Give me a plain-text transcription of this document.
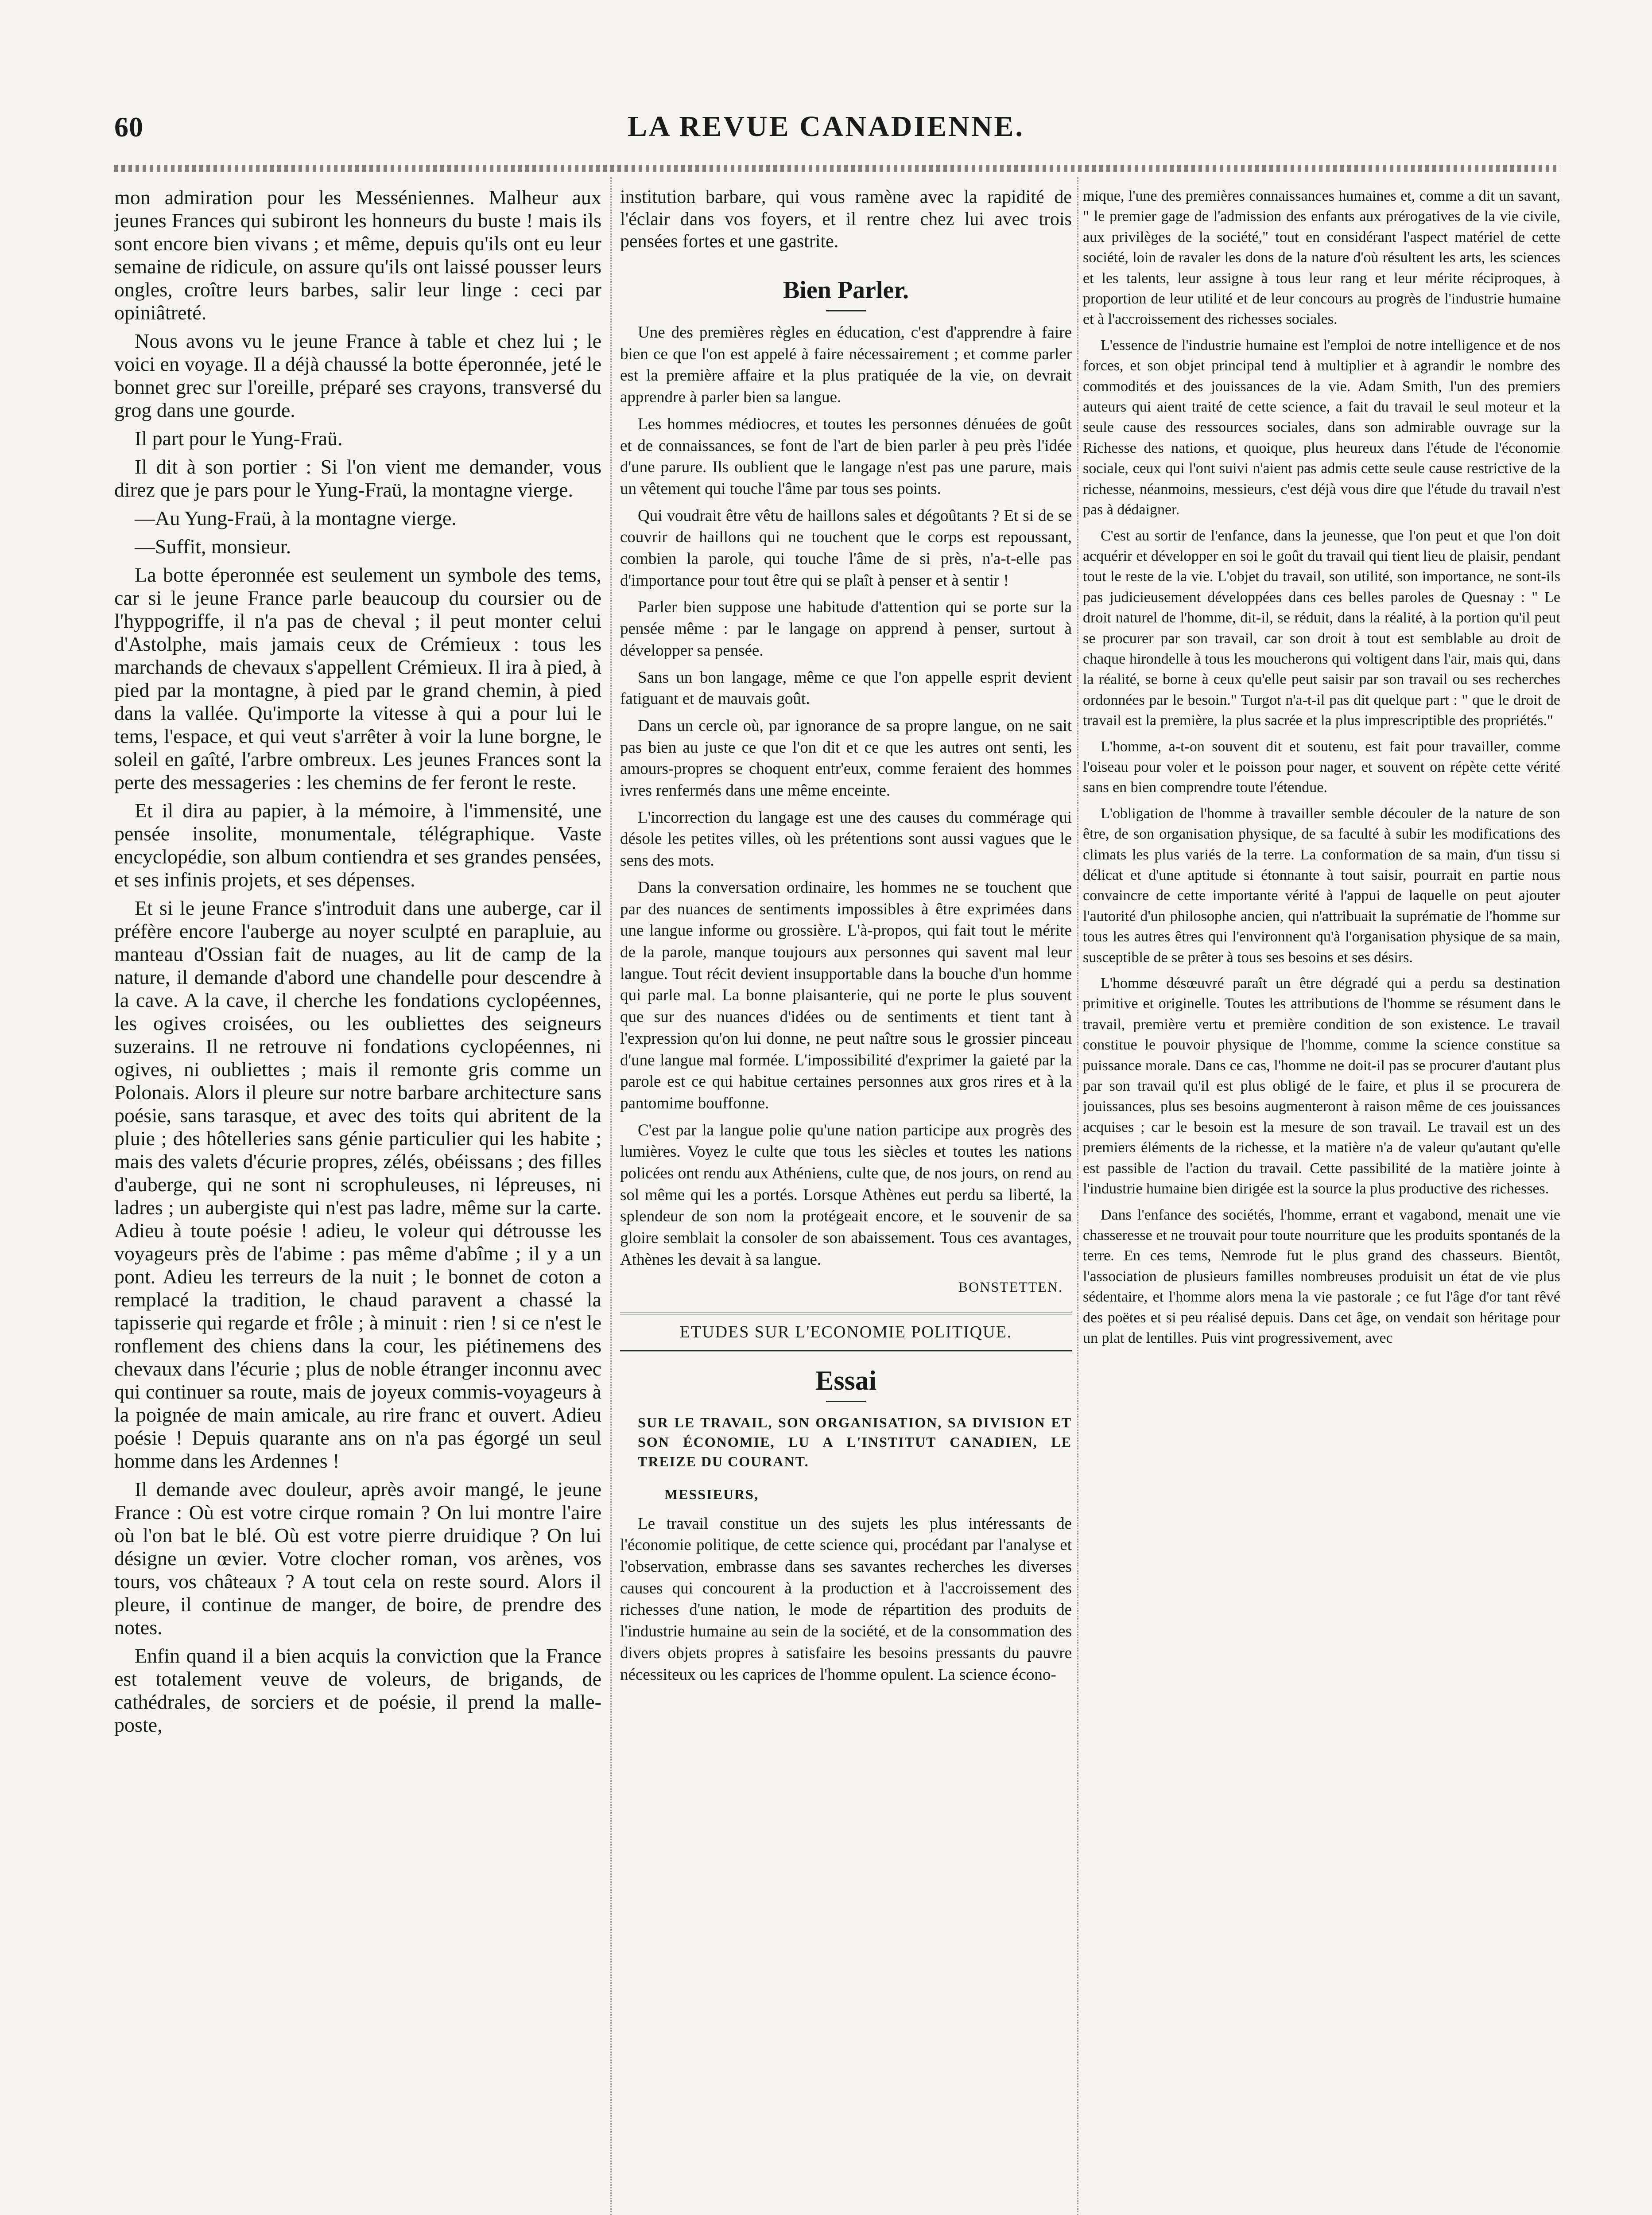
60	LA REVUE CANADIENNE.

mon admiration pour les Messéniennes. Malheur aux jeunes Frances qui subiront les honneurs du buste ! mais ils sont encore bien vivans ; et même, depuis qu'ils ont eu leur semaine de ridicule, on assure qu'ils ont laissé pousser leurs ongles, croître leurs barbes, salir leur linge : ceci par opiniâtreté.

Nous avons vu le jeune France à table et chez lui ; le voici en voyage. Il a déjà chaussé la botte éperonnée, jeté le bonnet grec sur l'oreille, préparé ses crayons, transversé du grog dans une gourde.

Il part pour le Yung-Fraü.

Il dit à son portier : Si l'on vient me demander, vous direz que je pars pour le Yung-Fraü, la montagne vierge.

—Au Yung-Fraü, à la montagne vierge.

—Suffit, monsieur.

La botte éperonnée est seulement un symbole des tems, car si le jeune France parle beaucoup du coursier ou de l'hyppogriffe, il n'a pas de cheval ; il peut monter celui d'Astolphe, mais jamais ceux de Crémieux : tous les marchands de chevaux s'appellent Crémieux. Il ira à pied, à pied par la montagne, à pied par le grand chemin, à pied dans la vallée. Qu'importe la vitesse à qui a pour lui le tems, l'espace, et qui veut s'arrêter à voir la lune borgne, le soleil en gaîté, l'arbre ombreux. Les jeunes Frances sont la perte des messageries : les chemins de fer feront le reste.

Et il dira au papier, à la mémoire, à l'immensité, une pensée insolite, monumentale, télégraphique. Vaste encyclopédie, son album contiendra et ses grandes pensées, et ses infinis projets, et ses dépenses.

Et si le jeune France s'introduit dans une auberge, car il préfère encore l'auberge au noyer sculpté en parapluie, au manteau d'Ossian fait de nuages, au lit de camp de la nature, il demande d'abord une chandelle pour descendre à la cave. A la cave, il cherche les fondations cyclopéennes, les ogives croisées, ou les oubliettes des seigneurs suzerains. Il ne retrouve ni fondations cyclopéennes, ni ogives, ni oubliettes ; mais il remonte gris comme un Polonais. Alors il pleure sur notre barbare architecture sans poésie, sans tarasque, et avec des toits qui abritent de la pluie ; des hôtelleries sans génie particulier qui les habite ; mais des valets d'écurie propres, zélés, obéissans ; des filles d'auberge, qui ne sont ni scrophuleuses, ni lépreuses, ni ladres ; un aubergiste qui n'est pas ladre, même sur la carte. Adieu à toute poésie ! adieu, le voleur qui détrousse les voyageurs près de l'abime : pas même d'abîme ; il y a un pont. Adieu les terreurs de la nuit ; le bonnet de coton a remplacé la tradition, le chaud paravent a chassé la tapisserie qui regarde et frôle ; à minuit : rien ! si ce n'est le ronflement des chiens dans la cour, les piétinemens des chevaux dans l'écurie ; plus de noble étranger inconnu avec qui continuer sa route, mais de joyeux commis-voyageurs à la poignée de main amicale, au rire franc et ouvert. Adieu poésie ! Depuis quarante ans on n'a pas égorgé un seul homme dans les Ardennes !

Il demande avec douleur, après avoir mangé, le jeune France : Où est votre cirque romain ? On lui montre l'aire où l'on bat le blé. Où est votre pierre druidique ? On lui désigne un œvier. Votre clocher roman, vos arènes, vos tours, vos châteaux ? A tout cela on reste sourd. Alors il pleure, il continue de manger, de boire, de prendre des notes.

Enfin quand il a bien acquis la conviction que la France est totalement veuve de voleurs, de brigands, de cathédrales, de sorciers et de poésie, il prend la malle-poste,

institution barbare, qui vous ramène avec la rapidité de l'éclair dans vos foyers, et il rentre chez lui avec trois pensées fortes et une gastrite.

Bien Parler.

Une des premières règles en éducation, c'est d'apprendre à faire bien ce que l'on est appelé à faire nécessairement ; et comme parler est la première affaire et la plus pratiquée de la vie, on devrait apprendre à parler bien sa langue.

Les hommes médiocres, et toutes les personnes dénuées de goût et de connaissances, se font de l'art de bien parler à peu près l'idée d'une parure. Ils oublient que le langage n'est pas une parure, mais un vêtement qui touche l'âme par tous ses points.

Qui voudrait être vêtu de haillons sales et dégoûtants ? Et si de se couvrir de haillons qui ne touchent que le corps est repoussant, combien la parole, qui touche l'âme de si près, n'a-t-elle pas d'importance pour tout être qui se plaît à penser et à sentir !

Parler bien suppose une habitude d'attention qui se porte sur la pensée même : par le langage on apprend à penser, surtout à développer sa pensée.

Sans un bon langage, même ce que l'on appelle esprit devient fatiguant et de mauvais goût.

Dans un cercle où, par ignorance de sa propre langue, on ne sait pas bien au juste ce que l'on dit et ce que les autres ont senti, les amours-propres se choquent entr'eux, comme feraient des hommes ivres renfermés dans une même enceinte.

L'incorrection du langage est une des causes du commérage qui désole les petites villes, où les prétentions sont aussi vagues que le sens des mots.

Dans la conversation ordinaire, les hommes ne se touchent que par des nuances de sentiments impossibles à être exprimées dans une langue informe ou grossière. L'à-propos, qui fait tout le mérite de la parole, manque toujours aux personnes qui savent mal leur langue. Tout récit devient insupportable dans la bouche d'un homme qui parle mal. La bonne plaisanterie, qui ne porte le plus souvent que sur des nuances d'idées ou de sentiments et tient tant à l'expression qu'on lui donne, ne peut naître sous le grossier pinceau d'une langue mal formée. L'impossibilité d'exprimer la gaieté par la parole est ce qui habitue certaines personnes aux gros rires et à la pantomime bouffonne.

C'est par la langue polie qu'une nation participe aux progrès des lumières. Voyez le culte que tous les siècles et toutes les nations policées ont rendu aux Athéniens, culte que, de nos jours, on rend au sol même qui les a portés. Lorsque Athènes eut perdu sa liberté, la splendeur de son nom la protégeait encore, et le souvenir de sa gloire semblait la consoler de son abaissement. Tous ces avantages, Athènes les devait à sa langue.

BONSTETTEN.
ETUDES SUR L'ECONOMIE POLITIQUE.
Essai
SUR LE TRAVAIL, SON ORGANISATION, SA DIVISION ET SON ÉCONOMIE, LU A L'INSTITUT CANADIEN, LE TREIZE DU COURANT.
MESSIEURS,

Le travail constitue un des sujets les plus intéressants de l'économie politique, de cette science qui, procédant par l'analyse et l'observation, embrasse dans ses savantes recherches les diverses causes qui concourent à la production et à l'accroissement des richesses d'une nation, le mode de répartition des produits de l'industrie humaine au sein de la société, et de la consommation des divers objets propres à satisfaire les besoins pressants du pauvre nécessiteux ou les caprices de l'homme opulent. La science écono-

mique, l'une des premières connaissances humaines et, comme a dit un savant, " le premier gage de l'admission des enfants aux prérogatives de la vie civile, aux privilèges de la société," tout en considérant l'aspect matériel de cette société, loin de ravaler les dons de la nature d'où résultent les arts, les sciences et les talents, leur assigne à tous leur rang et leur mérite réciproques, à proportion de leur utilité et de leur concours au progrès de l'industrie humaine et à l'accroissement des richesses sociales.

L'essence de l'industrie humaine est l'emploi de notre intelligence et de nos forces, et son objet principal tend à multiplier et à agrandir le nombre des commodités et des jouissances de la vie. Adam Smith, l'un des premiers auteurs qui aient traité de cette science, a fait du travail le seul moteur et la seule cause des ressources sociales, dans son admirable ouvrage sur la Richesse des nations, et quoique, plus heureux dans l'étude de l'économie sociale, ceux qui l'ont suivi n'aient pas admis cette seule cause restrictive de la richesse, néanmoins, messieurs, c'est déjà vous dire que l'étude du travail n'est pas à dédaigner.

C'est au sortir de l'enfance, dans la jeunesse, que l'on peut et que l'on doit acquérir et développer en soi le goût du travail qui tient lieu de plaisir, pendant tout le reste de la vie. L'objet du travail, son utilité, son importance, ne sont-ils pas judicieusement développées dans ces belles paroles de Quesnay : " Le droit naturel de l'homme, dit-il, se réduit, dans la réalité, à la portion qu'il peut se procurer par son travail, car son droit à tout est semblable au droit de chaque hirondelle à tous les moucherons qui voltigent dans l'air, mais qui, dans la réalité, se borne à ceux qu'elle peut saisir par son travail ou ses recherches ordonnées par le besoin." Turgot n'a-t-il pas dit quelque part : " que le droit de travail est la première, la plus sacrée et la plus imprescriptible des propriétés."

L'homme, a-t-on souvent dit et soutenu, est fait pour travailler, comme l'oiseau pour voler et le poisson pour nager, et souvent on répète cette vérité sans en bien comprendre toute l'étendue.

L'obligation de l'homme à travailler semble découler de la nature de son être, de son organisation physique, de sa faculté à subir les modifications des climats les plus variés de la terre. La conformation de sa main, d'un tissu si délicat et d'une aptitude si étonnante à tout saisir, pourrait en partie nous convaincre de cette importante vérité à l'appui de laquelle on peut ajouter l'autorité d'un philosophe ancien, qui n'attribuait la suprématie de l'homme sur tous les autres êtres qui l'environnent qu'à l'organisation physique de sa main, susceptible de se prêter à tous ses besoins et ses désirs.

L'homme désœuvré paraît un être dégradé qui a perdu sa destination primitive et originelle. Toutes les attributions de l'homme se résument dans le travail, première vertu et première condition de son existence. Le travail constitue le pouvoir physique de l'homme, comme la science constitue sa puissance morale. Dans ce cas, l'homme ne doit-il pas se procurer d'autant plus par son travail qu'il est plus obligé de le faire, et plus il se procurera de jouissances, plus ses besoins augmenteront à raison même de ces jouissances acquises ; car le besoin est la mesure de son travail. Le travail est un des premiers éléments de la richesse, et la matière n'a de valeur qu'autant qu'elle est passible de l'action du travail. Cette passibilité de la matière jointe à l'industrie humaine bien dirigée est la source la plus productive des richesses.

Dans l'enfance des sociétés, l'homme, errant et vagabond, menait une vie chasseresse et ne trouvait pour toute nourriture que les produits spontanés de la terre. En ces tems, Nemrode fut le plus grand des chasseurs. Bientôt, l'association de plusieurs familles nombreuses produisit un état de vie plus sédentaire, et l'homme alors mena la vie pastorale ; ce fut l'âge d'or tant rêvé des poëtes et si peu réalisé depuis. Dans cet âge, on vendait son héritage pour un plat de lentilles. Puis vint progressivement, avec
